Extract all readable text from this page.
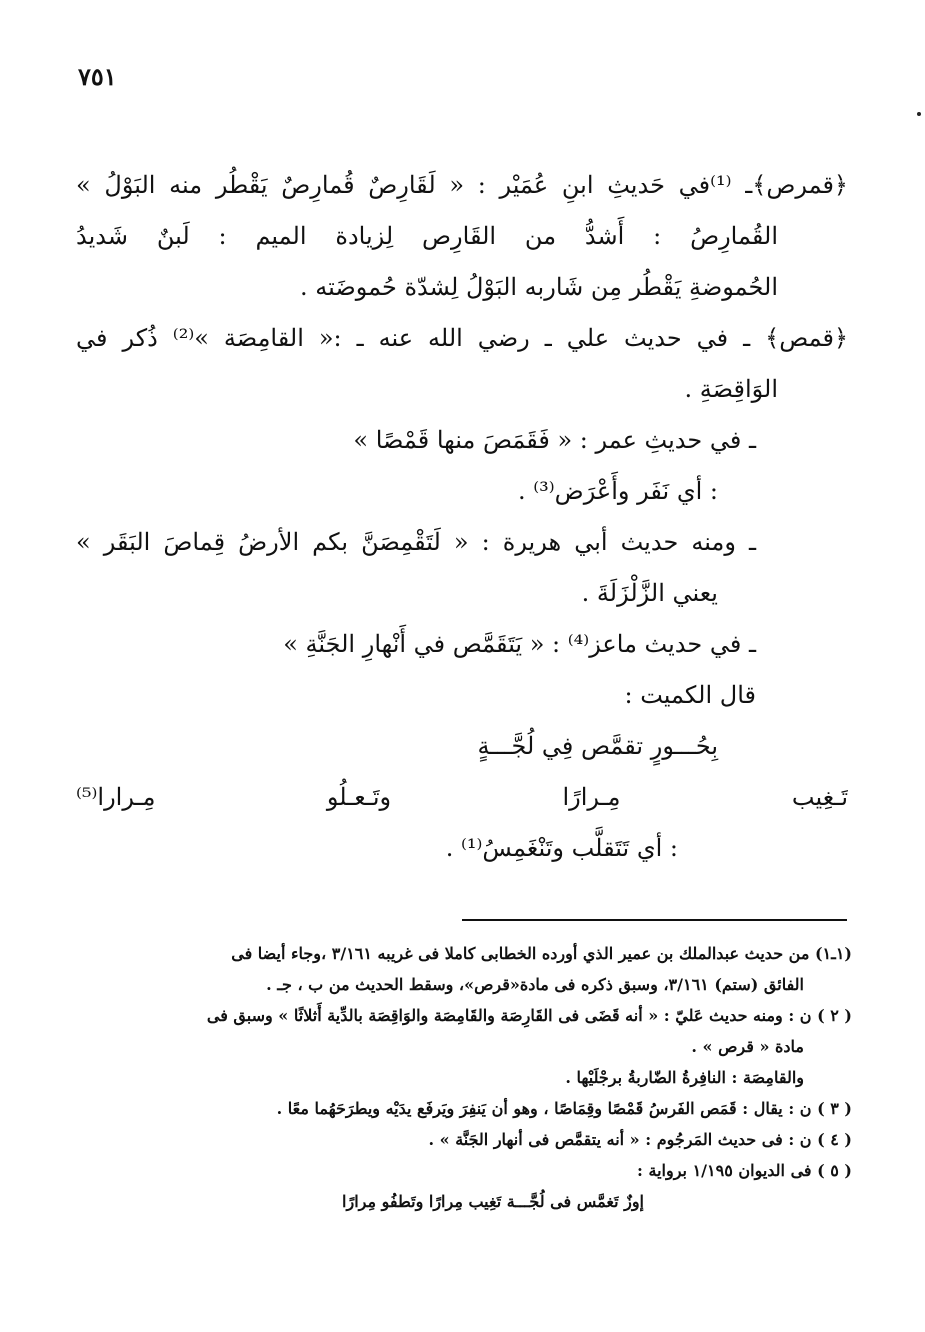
٧٥١
﴿قمرص﴾ـ ⁽¹⁾في حَديثِ ابنِ عُمَيْر : « لَقَارِصٌ قُمارِصٌ يَقْطُر منه البَوْلُ »
القُمارِصُ : أَشدُّ من القَارِص لِزيادة الميم : لَبنٌ شَديدُ
الحُموضةِ يَقْطُر مِن شَاربه البَوْلُ لِشدّة حُموضَته .
﴿قمص﴾ ـ في حديث علي ـ رضي الله عنه ـ :« القامِصَة »⁽²⁾ ذُكر في
الوَاقِصَةِ .
ـ في حديثِ عمر : « فَقَمَصَ منها قَمْصًا »
: أي نَفَر وأَعْرَض⁽³⁾ .
ـ ومنه حديث أبي هريرة : « لَتَقْمِصَنَّ بكم الأرضُ قِماصَ البَقَر »
يعني الزَّلْزَلَةَ .
ـ في حديث ماعز⁽⁴⁾ : « يَتَقَمَّص في أَنْهارِ الجَنَّةِ »
قال الكميت :
بِحُـــورٍ تقمَّص فِي لُجَّـــةٍ
تَـغِيب مِـرارًا وتَـعـلُو مِـرارا⁽⁵⁾
: أي تَتَقلَّب وتَنْغَمِسُ⁽¹⁾ .
(١ـ١) من حديث عبدالملك بن عمير الذي أورده الخطابى كاملا فى غريبه ٣/١٦١ ،وجاء أيضا فى
الفائق (ستم) ٣/١٦١، وسبق ذكره فى مادة«قرص»، وسقط الحديث من ب ، جـ .
( ٢ ) ن : ومنه حديث عَليّ : « أنه قَضَى فى القَارِصَة والقَامِصَة والوَاقِصَة بالدِّية أَثلاثًا » وسبق فى
مادة « قرص » .
والقامِصَة : النافِرةُ الضّاربةُ برجْلَيْها .
( ٣ ) ن : يقال : قَمَص الفَرسُ قَمْصًا وقِمَاصًا ، وهو أن يَنفِرَ ويَرفَع يدَيْه ويطرَحَهُما معًا .
( ٤ ) ن : فى حديث المَرجُوم : « أنه يتقمَّص فى أنهار الجَنَّة » .
( ٥ ) فى الديوان ١/١٩٥ برواية :
إوزٌ تَغمَّس فى لُجَّـــة تَغِيب مِرارًا وتَطفُو مِرارًا
